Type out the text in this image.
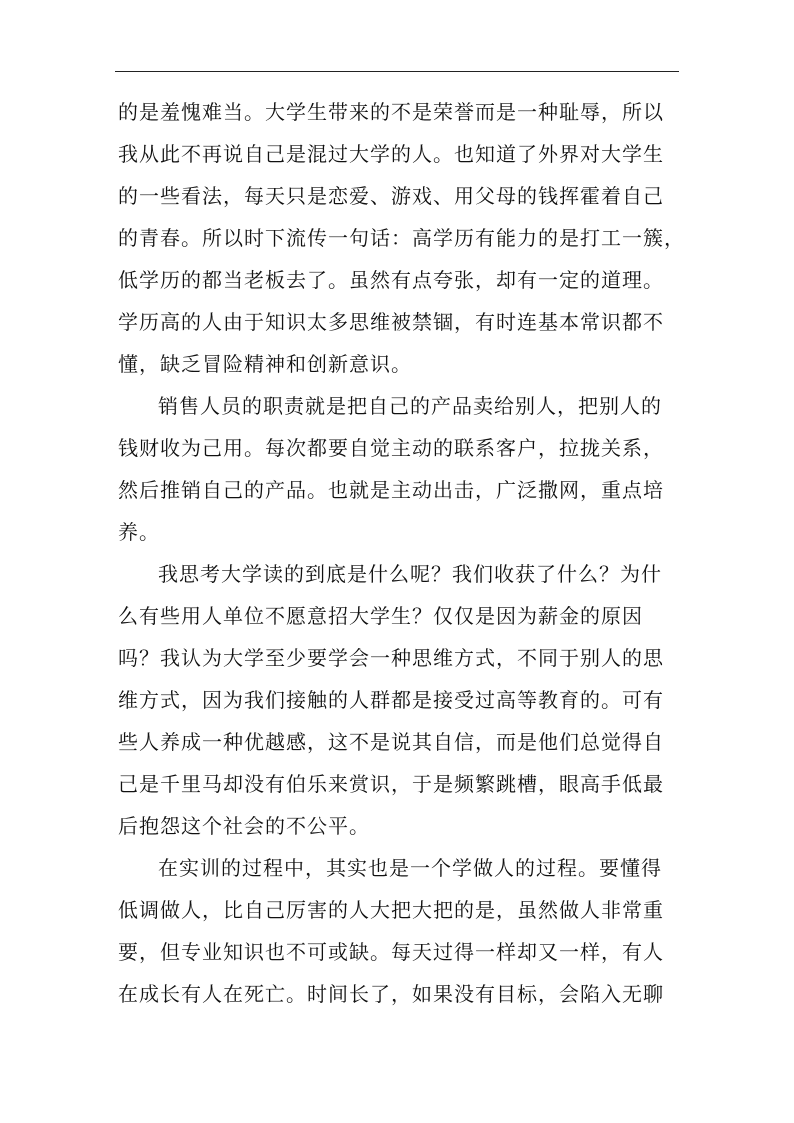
的是羞愧难当。大学生带来的不是荣誉而是一种耻辱，所以
我从此不再说自己是混过大学的人。也知道了外界对大学生
的一些看法，每天只是恋爱、游戏、用父母的钱挥霍着自己
的青春。所以时下流传一句话：高学历有能力的是打工一簇，
低学历的都当老板去了。虽然有点夸张，却有一定的道理。
学历高的人由于知识太多思维被禁锢，有时连基本常识都不
懂，缺乏冒险精神和创新意识。
销售人员的职责就是把自己的产品卖给别人，把别人的
钱财收为己用。每次都要自觉主动的联系客户，拉拢关系，
然后推销自己的产品。也就是主动出击，广泛撒网，重点培
养。
我思考大学读的到底是什么呢？我们收获了什么？为什
么有些用人单位不愿意招大学生？仅仅是因为薪金的原因
吗？我认为大学至少要学会一种思维方式，不同于别人的思
维方式，因为我们接触的人群都是接受过高等教育的。可有
些人养成一种优越感，这不是说其自信，而是他们总觉得自
己是千里马却没有伯乐来赏识，于是频繁跳槽，眼高手低最
后抱怨这个社会的不公平。
在实训的过程中，其实也是一个学做人的过程。要懂得
低调做人，比自己厉害的人大把大把的是，虽然做人非常重
要，但专业知识也不可或缺。每天过得一样却又一样，有人
在成长有人在死亡。时间长了，如果没有目标，会陷入无聊
